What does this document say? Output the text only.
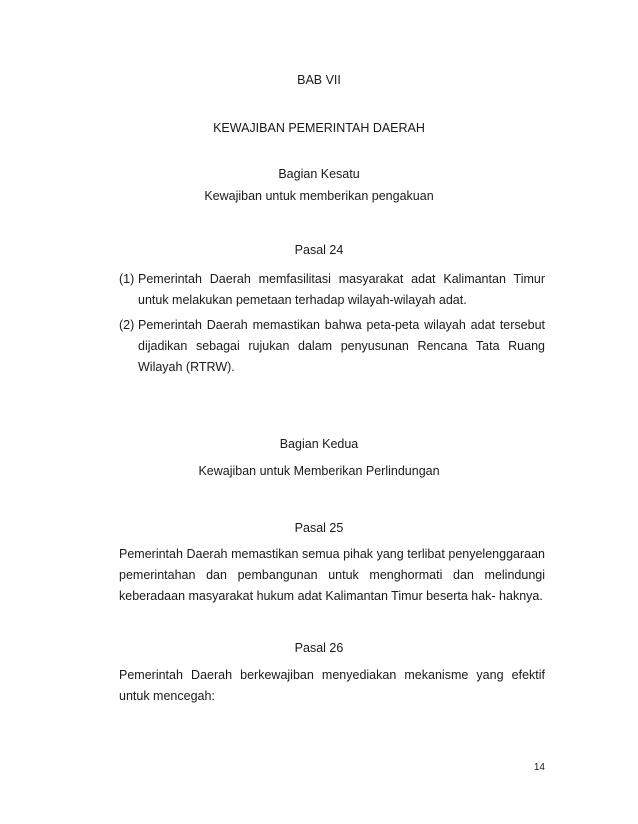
BAB VII
KEWAJIBAN PEMERINTAH DAERAH
Bagian Kesatu
Kewajiban untuk memberikan pengakuan
Pasal 24
(1) Pemerintah Daerah memfasilitasi masyarakat adat Kalimantan Timur untuk melakukan pemetaan terhadap wilayah-wilayah adat.
(2) Pemerintah Daerah memastikan bahwa peta-peta wilayah adat tersebut dijadikan sebagai rujukan dalam penyusunan Rencana Tata Ruang Wilayah (RTRW).
Bagian Kedua
Kewajiban untuk Memberikan Perlindungan
Pasal 25
Pemerintah Daerah memastikan semua pihak yang terlibat penyelenggaraan pemerintahan dan pembangunan untuk menghormati dan melindungi keberadaan masyarakat hukum adat Kalimantan Timur beserta hak- haknya.
Pasal 26
Pemerintah Daerah berkewajiban menyediakan mekanisme yang efektif untuk mencegah:
14
